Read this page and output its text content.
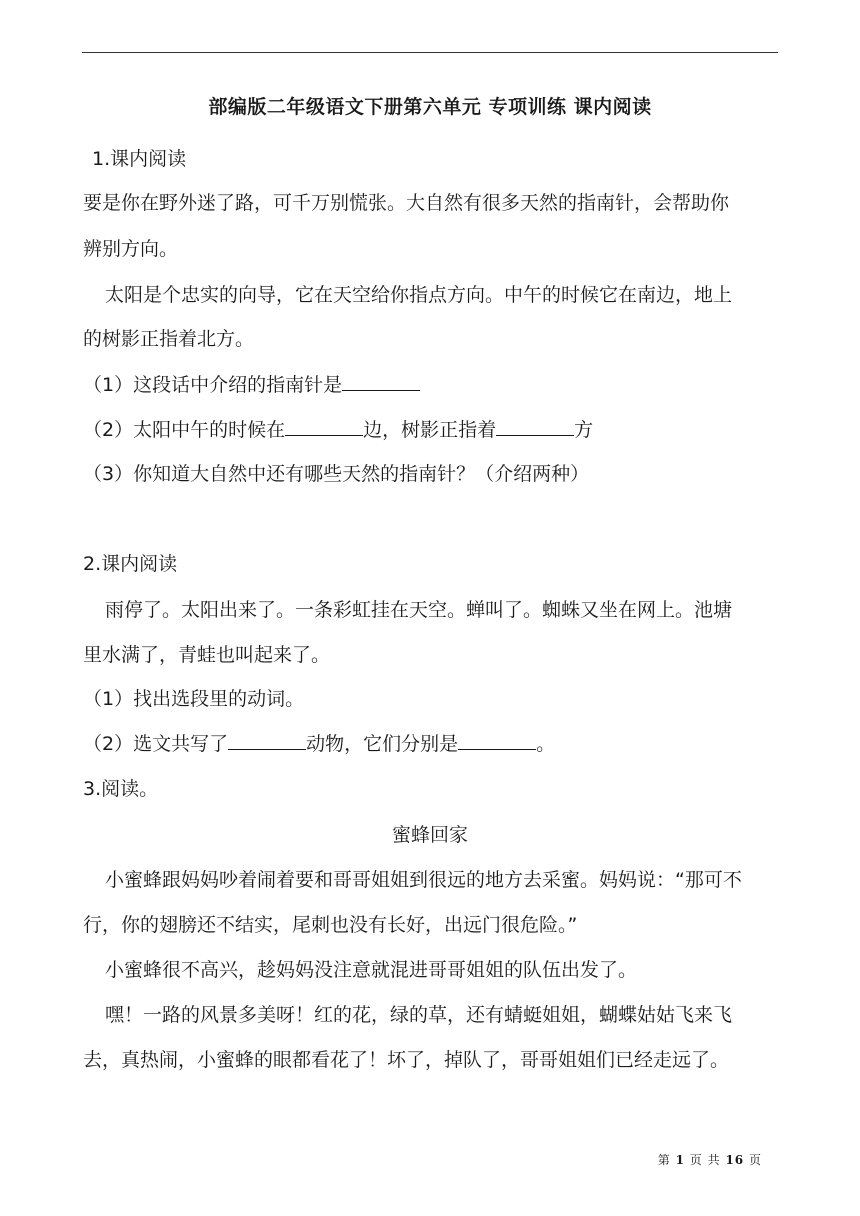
部编版二年级语文下册第六单元 专项训练 课内阅读
1.课内阅读
要是你在野外迷了路，可千万别慌张。大自然有很多天然的指南针，会帮助你
辨别方向。
太阳是个忠实的向导，它在天空给你指点方向。中午的时候它在南边，地上
的树影正指着北方。
（1）这段话中介绍的指南针是
（2）太阳中午的时候在	边，树影正指着	方
（3）你知道大自然中还有哪些天然的指南针？（介绍两种）
2.课内阅读
雨停了。太阳出来了。一条彩虹挂在天空。蝉叫了。蜘蛛又坐在网上。池塘
里水满了，青蛙也叫起来了。
（1）找出选段里的动词。
（2）选文共写了	动物，它们分别是	。
3.阅读。
蜜蜂回家
小蜜蜂跟妈妈吵着闹着要和哥哥姐姐到很远的地方去采蜜。妈妈说：“那可不
行，你的翅膀还不结实，尾刺也没有长好，出远门很危险。”
小蜜蜂很不高兴，趁妈妈没注意就混进哥哥姐姐的队伍出发了。
嘿！一路的风景多美呀！红的花，绿的草，还有蜻蜓姐姐，蝴蝶姑姑飞来飞
去，真热闹，小蜜蜂的眼都看花了！坏了，掉队了，哥哥姐姐们已经走远了。
第 1 页 共 16 页
